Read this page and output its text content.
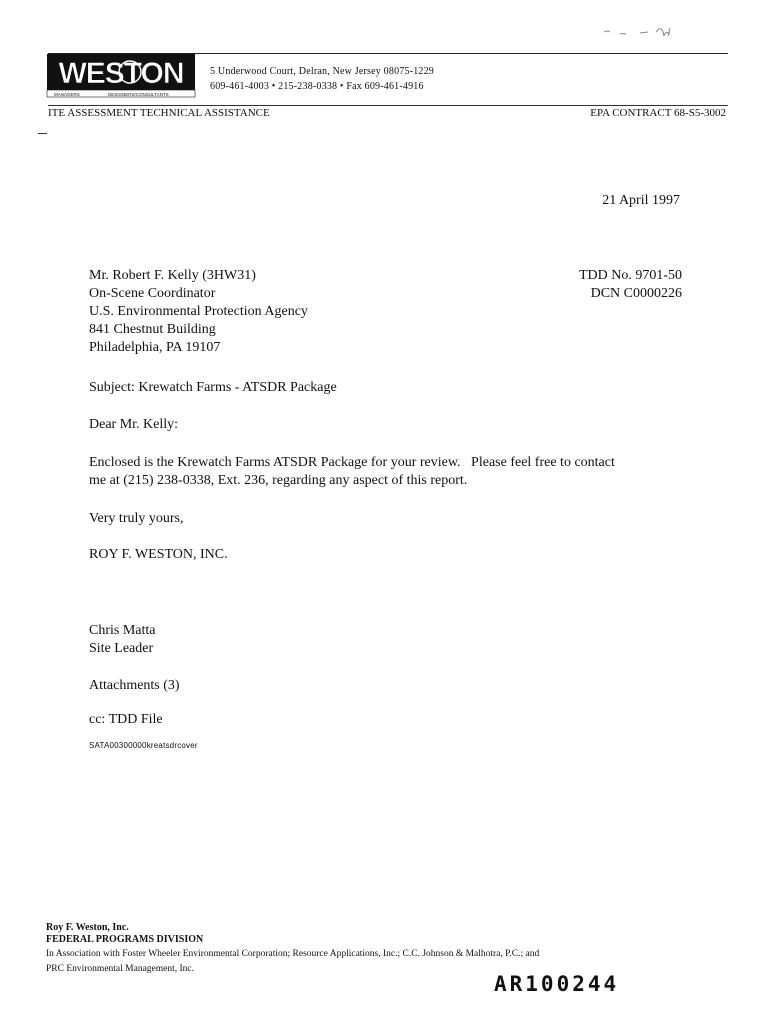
WESTON
MANAGERS	DESIGNERS/CONSULTANTS
5 Underwood Court, Delran, New Jersey 08075-1229
609-461-4003 • 215-238-0338 • Fax 609-461-4916
ITE ASSESSMENT TECHNICAL ASSISTANCE	EPA CONTRACT 68-S5-3002
21 April 1997
Mr. Robert F. Kelly (3HW31)
On-Scene Coordinator
U.S. Environmental Protection Agency
841 Chestnut Building
Philadelphia, PA 19107
TDD No. 9701-50
DCN C0000226
Subject: Krewatch Farms - ATSDR Package
Dear Mr. Kelly:
Enclosed is the Krewatch Farms ATSDR Package for your review.   Please feel free to contact
me at (215) 238-0338, Ext. 236, regarding any aspect of this report.
Very truly yours,
ROY F. WESTON, INC.
Chris Matta
Site Leader
Attachments (3)
cc: TDD File
SATA00300000kreatsdrcover
Roy F. Weston, Inc.
FEDERAL PROGRAMS DIVISION
In Association with Foster Wheeler Environmental Corporation; Resource Applications, Inc.; C.C. Johnson & Malhotra, P.C.; and
PRC Environmental Management, Inc.
AR100244
